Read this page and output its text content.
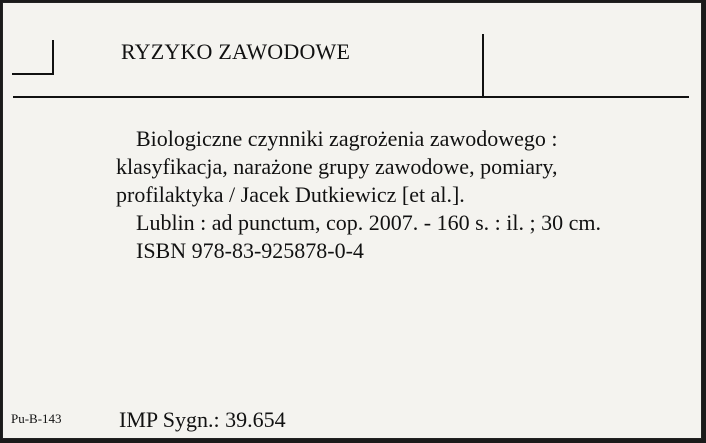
RYZYKO ZAWODOWE

Biologiczne czynniki zagrożenia zawodowego : klasyfikacja, narażone grupy zawodowe, pomiary, profilaktyka / Jacek Dutkiewicz [et al.].

Lublin : ad punctum, cop. 2007. - 160 s. : il. ; 30 cm.

ISBN 978-83-925878-0-4

Pu-B-143	IMP Sygn.: 39.654
